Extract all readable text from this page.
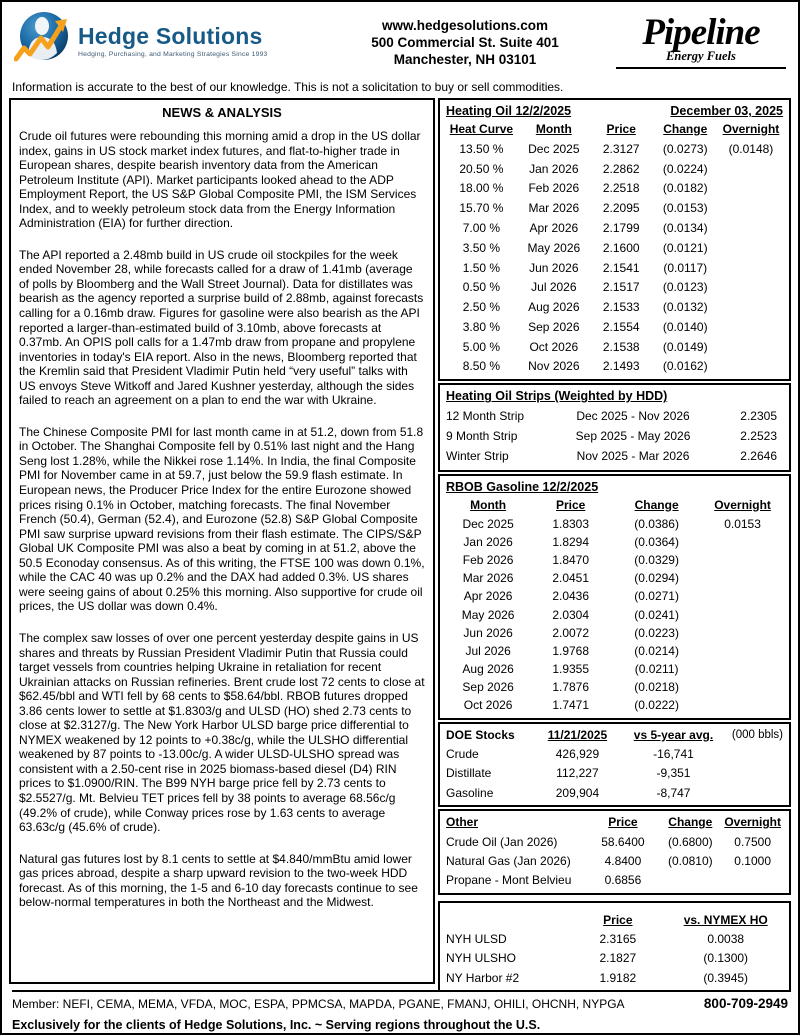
Hedge Solutions
Hedging, Purchasing, and Marketing Strategies Since 1993
www.hedgesolutions.com
500 Commercial St. Suite 401
Manchester, NH 03101
Pipeline
Energy Fuels
Information is accurate to the best of our knowledge. This is not a solicitation to buy or sell commodities.
NEWS & ANALYSIS

Crude oil futures were rebounding this morning amid a drop in the US dollar index, gains in US stock market index futures, and flat-to-higher trade in European shares, despite bearish inventory data from the American Petroleum Institute (API). Market participants looked ahead to the ADP Employment Report, the US S&P Global Composite PMI, the ISM Services Index, and to weekly petroleum stock data from the Energy Information Administration (EIA) for further direction.

The API reported a 2.48mb build in US crude oil stockpiles for the week ended November 28, while forecasts called for a draw of 1.41mb (average of polls by Bloomberg and the Wall Street Journal). Data for distillates was bearish as the agency reported a surprise build of 2.88mb, against forecasts calling for a 0.16mb draw. Figures for gasoline were also bearish as the API reported a larger-than-estimated build of 3.10mb, above forecasts at 0.37mb. An OPIS poll calls for a 1.47mb draw from propane and propylene inventories in today's EIA report. Also in the news, Bloomberg reported that the Kremlin said that President Vladimir Putin held “very useful” talks with US envoys Steve Witkoff and Jared Kushner yesterday, although the sides failed to reach an agreement on a plan to end the war with Ukraine.

The Chinese Composite PMI for last month came in at 51.2, down from 51.8 in October. The Shanghai Composite fell by 0.51% last night and the Hang Seng lost 1.28%, while the Nikkei rose 1.14%. In India, the final Composite PMI for November came in at 59.7, just below the 59.9 flash estimate. In European news, the Producer Price Index for the entire Eurozone showed prices rising 0.1% in October, matching forecasts. The final November French (50.4), German (52.4), and Eurozone (52.8) S&P Global Composite PMI saw surprise upward revisions from their flash estimate. The CIPS/S&P Global UK Composite PMI was also a beat by coming in at 51.2, above the 50.5 Econoday consensus. As of this writing, the FTSE 100 was down 0.1%, while the CAC 40 was up 0.2% and the DAX had added 0.3%. US shares were seeing gains of about 0.25% this morning. Also supportive for crude oil prices, the US dollar was down 0.4%.

The complex saw losses of over one percent yesterday despite gains in US shares and threats by Russian President Vladimir Putin that Russia could target vessels from countries helping Ukraine in retaliation for recent Ukrainian attacks on Russian refineries. Brent crude lost 72 cents to close at $62.45/bbl and WTI fell by 68 cents to $58.64/bbl. RBOB futures dropped 3.86 cents lower to settle at $1.8303/g and ULSD (HO) shed 2.73 cents to close at $2.3127/g. The New York Harbor ULSD barge price differential to NYMEX weakened by 12 points to +0.38c/g, while the ULSHO differential weakened by 87 points to -13.00c/g. A wider ULSD-ULSHO spread was consistent with a 2.50-cent rise in 2025 biomass-based diesel (D4) RIN prices to $1.0900/RIN. The B99 NYH barge price fell by 2.73 cents to $2.5527/g. Mt. Belvieu TET prices fell by 38 points to average 68.56c/g (49.2% of crude), while Conway prices rose by 1.63 cents to average 63.63c/g (45.6% of crude).

Natural gas futures lost by 8.1 cents to settle at $4.840/mmBtu amid lower gas prices abroad, despite a sharp upward revision to the two-week HDD forecast. As of this morning, the 1-5 and 6-10 day forecasts continue to see below-normal temperatures in both the Northeast and the Midwest.

Heating Oil 12/2/2025	December 03, 2025
Heat Curve	Month	Price	Change	Overnight
13.50 %	Dec 2025	2.3127	(0.0273)	(0.0148)
20.50 %	Jan 2026	2.2862	(0.0224)	
18.00 %	Feb 2026	2.2518	(0.0182)	
15.70 %	Mar 2026	2.2095	(0.0153)	
7.00 %	Apr 2026	2.1799	(0.0134)	
3.50 %	May 2026	2.1600	(0.0121)	
1.50 %	Jun 2026	2.1541	(0.0117)	
0.50 %	Jul 2026	2.1517	(0.0123)	
2.50 %	Aug 2026	2.1533	(0.0132)	
3.80 %	Sep 2026	2.1554	(0.0140)	
5.00 %	Oct 2026	2.1538	(0.0149)	
8.50 %	Nov 2026	2.1493	(0.0162)	
Heating Oil Strips (Weighted by HDD)
12 Month Strip	Dec 2025 - Nov 2026	2.2305
9 Month Strip	Sep 2025 - May 2026	2.2523
Winter Strip	Nov 2025 - Mar 2026	2.2646
RBOB Gasoline 12/2/2025
Month	Price	Change	Overnight
Dec 2025	1.8303	(0.0386)	0.0153
Jan 2026	1.8294	(0.0364)	
Feb 2026	1.8470	(0.0329)	
Mar 2026	2.0451	(0.0294)	
Apr 2026	2.0436	(0.0271)	
May 2026	2.0304	(0.0241)	
Jun 2026	2.0072	(0.0223)	
Jul 2026	1.9768	(0.0214)	
Aug 2026	1.9355	(0.0211)	
Sep 2026	1.7876	(0.0218)	
Oct 2026	1.7471	(0.0222)	
DOE Stocks	11/21/2025	vs 5-year avg.	(000 bbls)
Crude	426,929	-16,741	
Distillate	112,227	-9,351	
Gasoline	209,904	-8,747	
Other	Price	Change	Overnight
Crude Oil (Jan 2026)	58.6400	(0.6800)	0.7500
Natural Gas (Jan 2026)	4.8400	(0.0810)	0.1000
Propane - Mont Belvieu	0.6856		
	Price	vs. NYMEX HO
NYH ULSD	2.3165	0.0038
NYH ULSHO	2.1827	(0.1300)
NY Harbor #2	1.9182	(0.3945)
Member: NEFI, CEMA, MEMA, VFDA, MOC, ESPA, PPMCSA, MAPDA, PGANE, FMANJ, OHILI, OHCNH, NYPGA	800-709-2949
Exclusively for the clients of Hedge Solutions, Inc. ~ Serving regions throughout the U.S.
